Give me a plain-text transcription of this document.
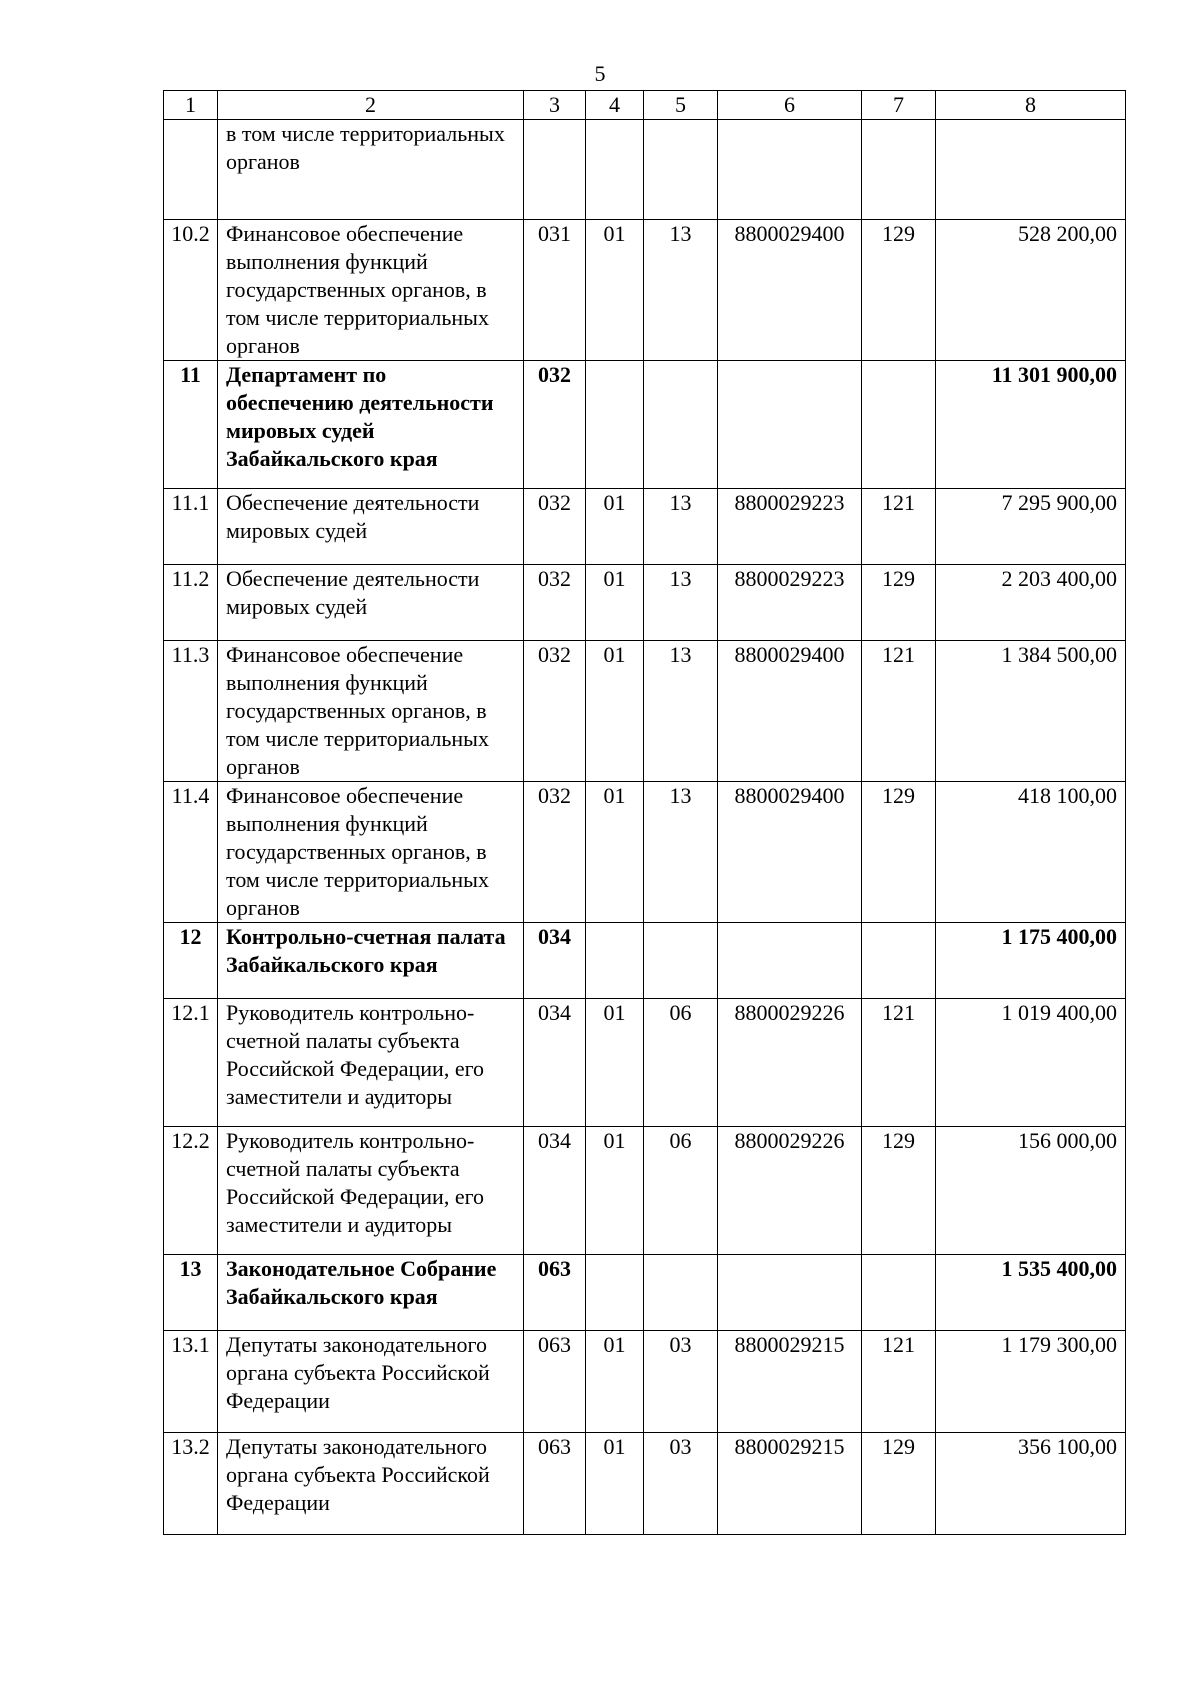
5
1	2	3	4	5	6	7	8
	в том числе территориальных органов						
10.2	Финансовое обеспечение выполнения функций государственных органов, в том числе территориальных органов	031	01	13	8800029400	129	528 200,00
11	Департамент по обеспечению деятельности мировых судей Забайкальского края	032					11 301 900,00
11.1	Обеспечение деятельности мировых судей	032	01	13	8800029223	121	7 295 900,00
11.2	Обеспечение деятельности мировых судей	032	01	13	8800029223	129	2 203 400,00
11.3	Финансовое обеспечение выполнения функций государственных органов, в том числе территориальных органов	032	01	13	8800029400	121	1 384 500,00
11.4	Финансовое обеспечение выполнения функций государственных органов, в том числе территориальных органов	032	01	13	8800029400	129	418 100,00
12	Контрольно-счетная палата Забайкальского края	034					1 175 400,00
12.1	Руководитель контрольно-счетной палаты субъекта Российской Федерации, его заместители и аудиторы	034	01	06	8800029226	121	1 019 400,00
12.2	Руководитель контрольно-счетной палаты субъекта Российской Федерации, его заместители и аудиторы	034	01	06	8800029226	129	156 000,00
13	Законодательное Собрание Забайкальского края	063					1 535 400,00
13.1	Депутаты законодательного органа субъекта Российской Федерации	063	01	03	8800029215	121	1 179 300,00
13.2	Депутаты законодательного органа субъекта Российской Федерации	063	01	03	8800029215	129	356 100,00
